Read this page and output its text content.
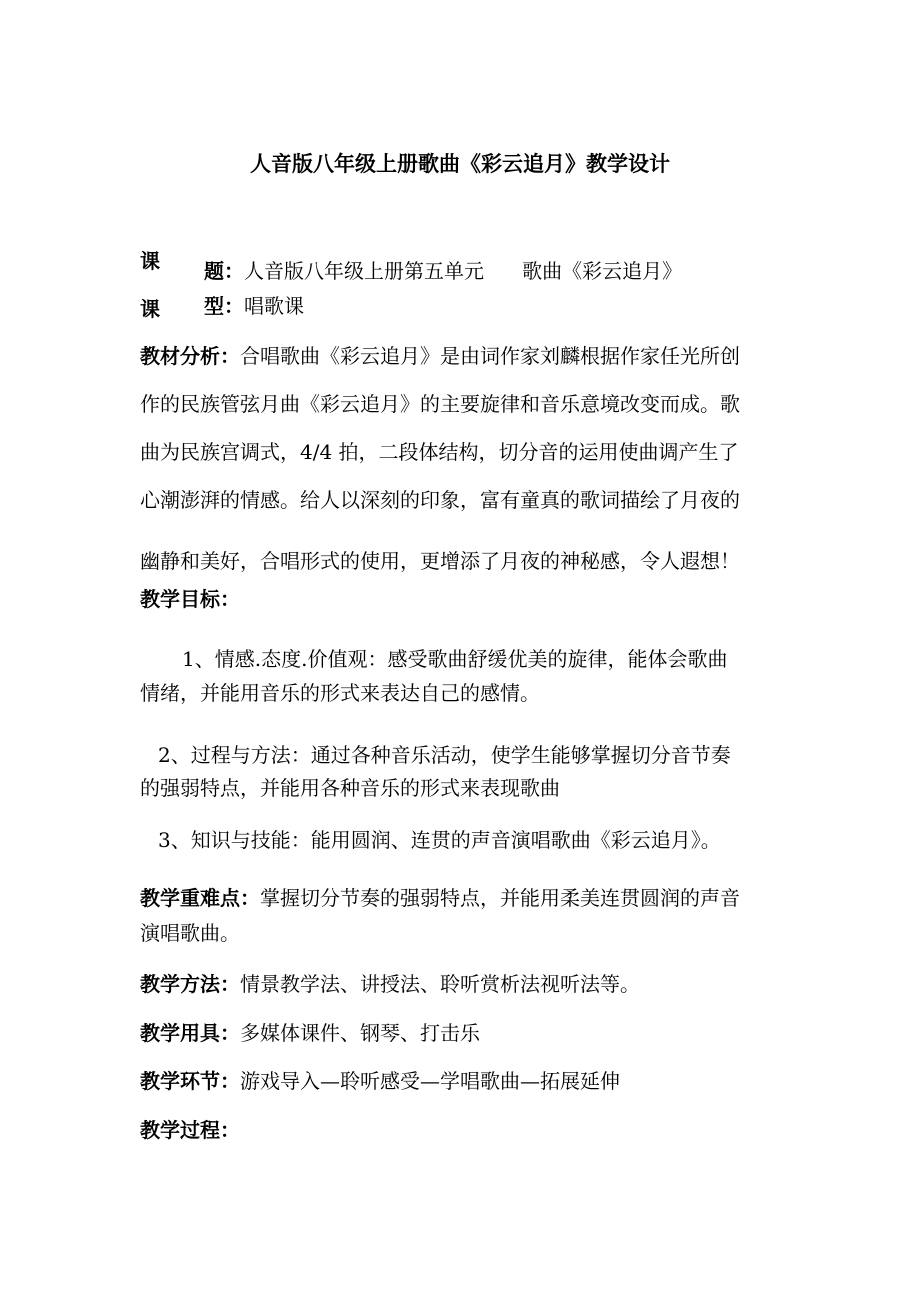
人音版八年级上册歌曲《彩云追月》教学设计
课 题：人音版八年级上册第五单元      歌曲《彩云追月》
课 型：唱歌课
教材分析：合唱歌曲《彩云追月》是由词作家刘麟根据作家任光所创
作的民族管弦月曲《彩云追月》的主要旋律和音乐意境改变而成。歌
曲为民族宫调式，4/4 拍，二段体结构，切分音的运用使曲调产生了
心潮澎湃的情感。给人以深刻的印象，富有童真的歌词描绘了月夜的
幽静和美好，合唱形式的使用，更增添了月夜的神秘感，令人遐想！
教学目标：
1、情感.态度.价值观：感受歌曲舒缓优美的旋律，能体会歌曲
情绪，并能用音乐的形式来表达自己的感情。
2、过程与方法：通过各种音乐活动，使学生能够掌握切分音节奏
的强弱特点，并能用各种音乐的形式来表现歌曲
3、知识与技能：能用圆润、连贯的声音演唱歌曲《彩云追月》。
教学重难点：掌握切分节奏的强弱特点，并能用柔美连贯圆润的声音
演唱歌曲。
教学方法：情景教学法、讲授法、聆听赏析法视听法等。
教学用具：多媒体课件、钢琴、打击乐
教学环节：游戏导入—聆听感受—学唱歌曲—拓展延伸
教学过程：
